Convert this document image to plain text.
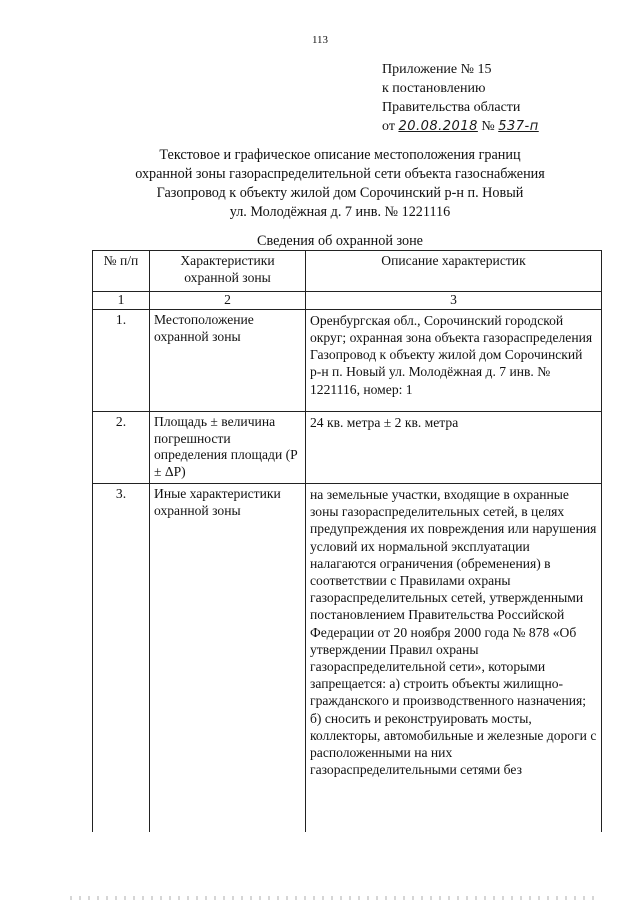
113
Приложение № 15
к постановлению
Правительства области
от 20.08.2018 № 537-п
Текстовое и графическое описание местоположения границ
охранной зоны газораспределительной сети объекта газоснабжения
Газопровод к объекту жилой дом Сорочинский р-н п. Новый
ул. Молодёжная д. 7 инв. № 1221116
Сведения об охранной зоне
№ п/п	Характеристики охранной зоны	Описание характеристик
1	2	3
1.	Местоположение охранной зоны	Оренбургская обл., Сорочинский городской округ; охранная зона объекта газораспределения Газопровод к объекту жилой дом Сорочинский р-н п. Новый ул. Молодёжная д. 7 инв. № 1221116, номер: 1
2.	Площадь ± величина погрешности определения площади (P ± ΔP)	24 кв. метра ± 2 кв. метра
3.	Иные характеристики охранной зоны	на земельные участки, входящие в охранные зоны газораспределительных сетей, в целях предупреждения их повреждения или нарушения условий их нормальной эксплуатации налагаются ограничения (обременения) в соответствии с Правилами охраны газораспределительных сетей, утвержденными постановлением Правительства Российской Федерации от 20 ноября 2000 года № 878 «Об утверждении Правил охраны газораспределительной сети», которыми запрещается: а) строить объекты жилищно-гражданского и производственного назначения; б) сносить и реконструировать мосты, коллекторы, автомобильные и железные дороги с расположенными на них газораспределительными сетями без
